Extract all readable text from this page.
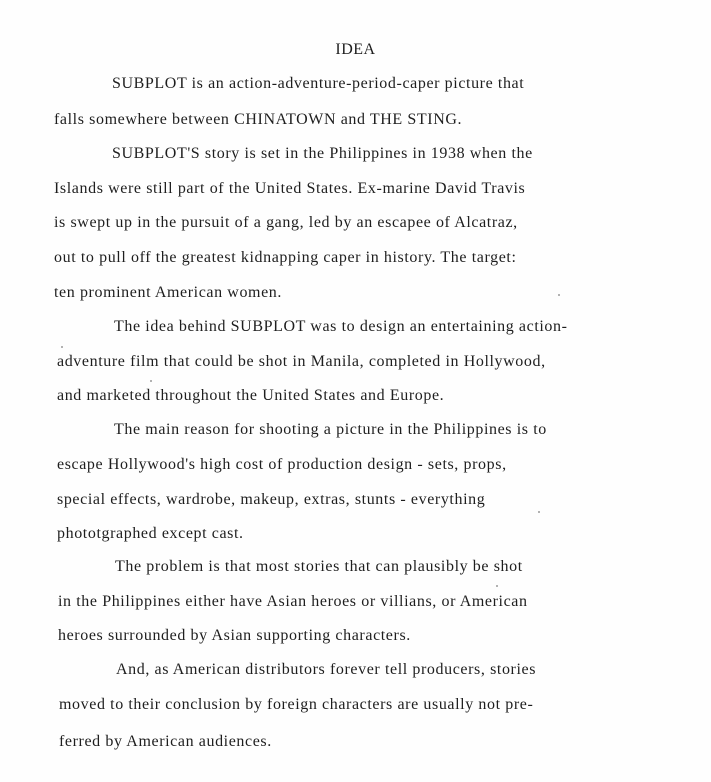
IDEA
SUBPLOT is an action-adventure-period-caper picture that
falls somewhere between CHINATOWN and THE STING.
SUBPLOT'S story is set in the Philippines in 1938 when the
Islands were still part of the United States. Ex-marine David Travis
is swept up in the pursuit of a gang, led by an escapee of Alcatraz,
out to pull off the greatest kidnapping caper in history. The target:
ten prominent American women.
The idea behind SUBPLOT was to design an entertaining action-
adventure film that could be shot in Manila, completed in Hollywood,
and marketed throughout the United States and Europe.
The main reason for shooting a picture in the Philippines is to
escape Hollywood's high cost of production design - sets, props,
special effects, wardrobe, makeup, extras, stunts - everything
phototgraphed except cast.
The problem is that most stories that can plausibly be shot
in the Philippines either have Asian heroes or villians, or American
heroes surrounded by Asian supporting characters.
And, as American distributors forever tell producers, stories
moved to their conclusion by foreign characters are usually not pre-
ferred by American audiences.
